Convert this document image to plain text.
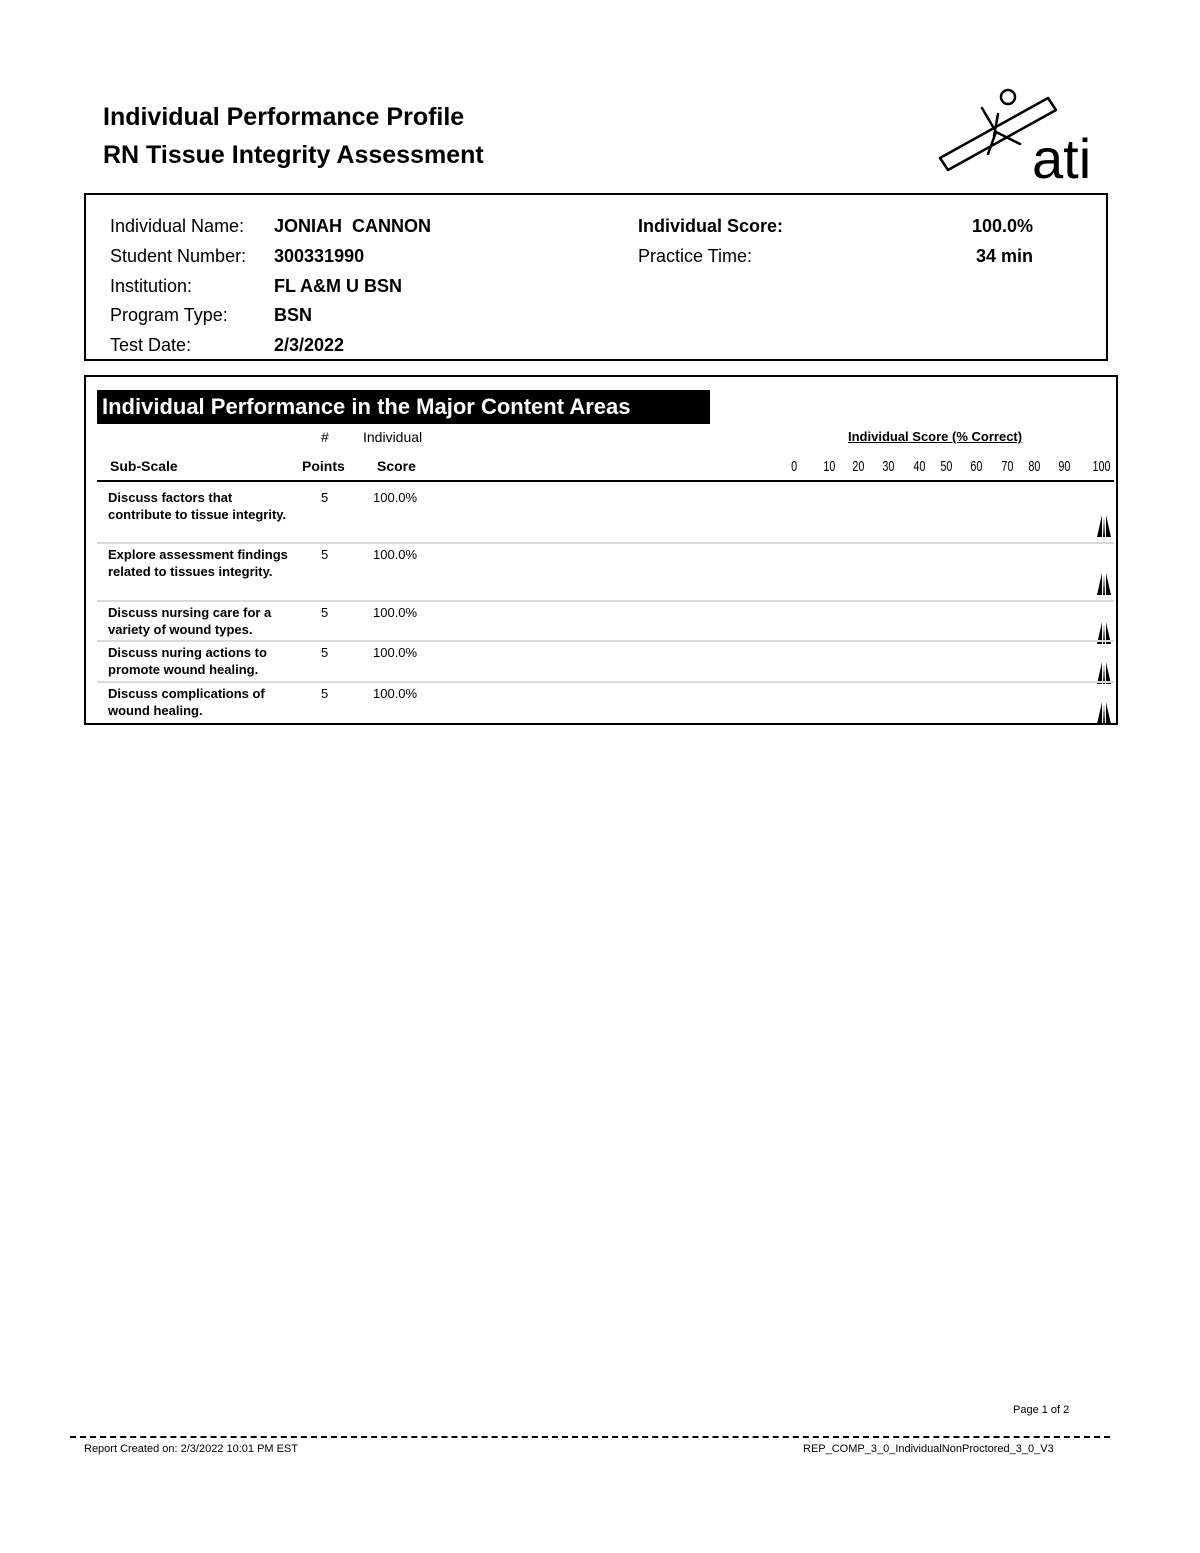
Individual Performance Profile
RN Tissue Integrity Assessment	ati
Individual Name: JONIAH  CANNON
Student Number: 300331990
Institution:	FL A&M U BSN
Program Type:	BSN
Test Date:	2/3/2022
Individual Score:	100.0%
Practice Time:	34 min
Individual Performance in the Major Content Areas
# Individual
Sub-Scale	Points Score
Individual Score (% Correct)
0 10 20 30 40 50 60 70 80 90 100
Discuss factors that contribute to tissue integrity.
5	100.0%
Explore assessment findings related to tissues integrity.
5	100.0%
Discuss nursing care for a variety of wound types.
5	100.0%
Discuss nuring actions to promote wound healing.
5	100.0%
Discuss complications of wound healing.
5	100.0%
Page 1 of 2
Report Created on: 2/3/2022 10:01 PM EST	REP_COMP_3_0_IndividualNonProctored_3_0_V3
